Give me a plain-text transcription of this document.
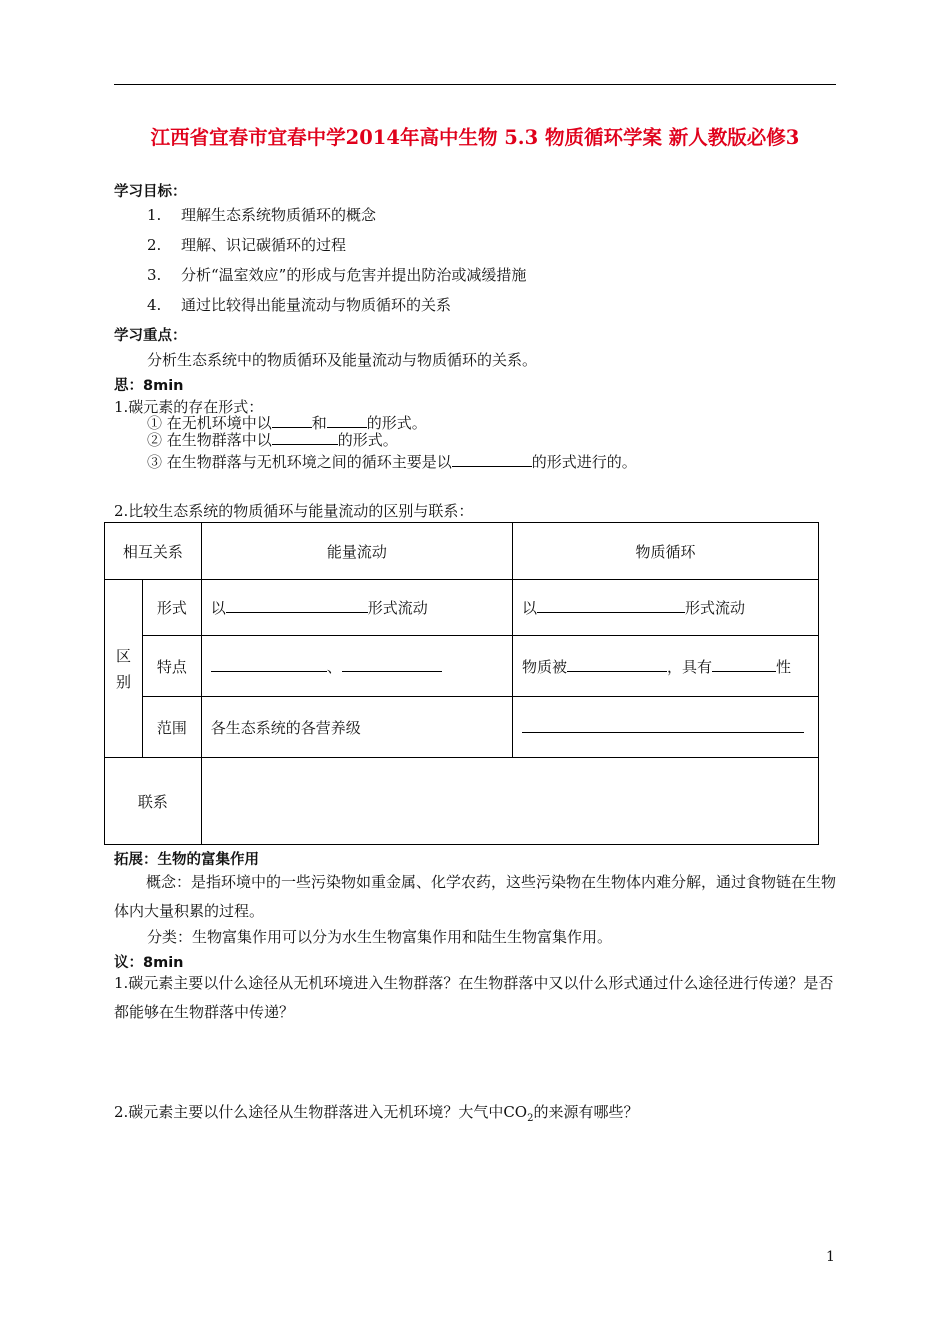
江西省宜春市宜春中学2014年高中生物 5.3 物质循环学案 新人教版必修3
学习目标：
1. 理解生态系统物质循环的概念
2. 理解、识记碳循环的过程
3. 分析“温室效应”的形成与危害并提出防治或减缓措施
4. 通过比较得出能量流动与物质循环的关系
学习重点：
分析生态系统中的物质循环及能量流动与物质循环的关系。
思：8min
1.碳元素的存在形式：
① 在无机环境中以	和	的形式。
② 在生物群落中以	的形式。
③ 在生物群落与无机环境之间的循环主要是以	的形式进行的。
2.比较生态系统的物质循环与能量流动的区别与联系：
相互关系		能量流动	物质循环
区别	形式	以 形式流动	以 形式流动
	特点	、	物质被 ，具有 性
	范围	各生态系统的各营养级	
联系			
拓展：生物的富集作用
概念：是指环境中的一些污染物如重金属、化学农药，这些污染物在生物体内难分解，通过食物链在生物体内大量积累的过程。
分类：生物富集作用可以分为水生生物富集作用和陆生生物富集作用。
议：8min
1.碳元素主要以什么途径从无机环境进入生物群落？在生物群落中又以什么形式通过什么途径进行传递？是否都能够在生物群落中传递？
2.碳元素主要以什么途径从生物群落进入无机环境？大气中$CO_2$的来源有哪些？
1
